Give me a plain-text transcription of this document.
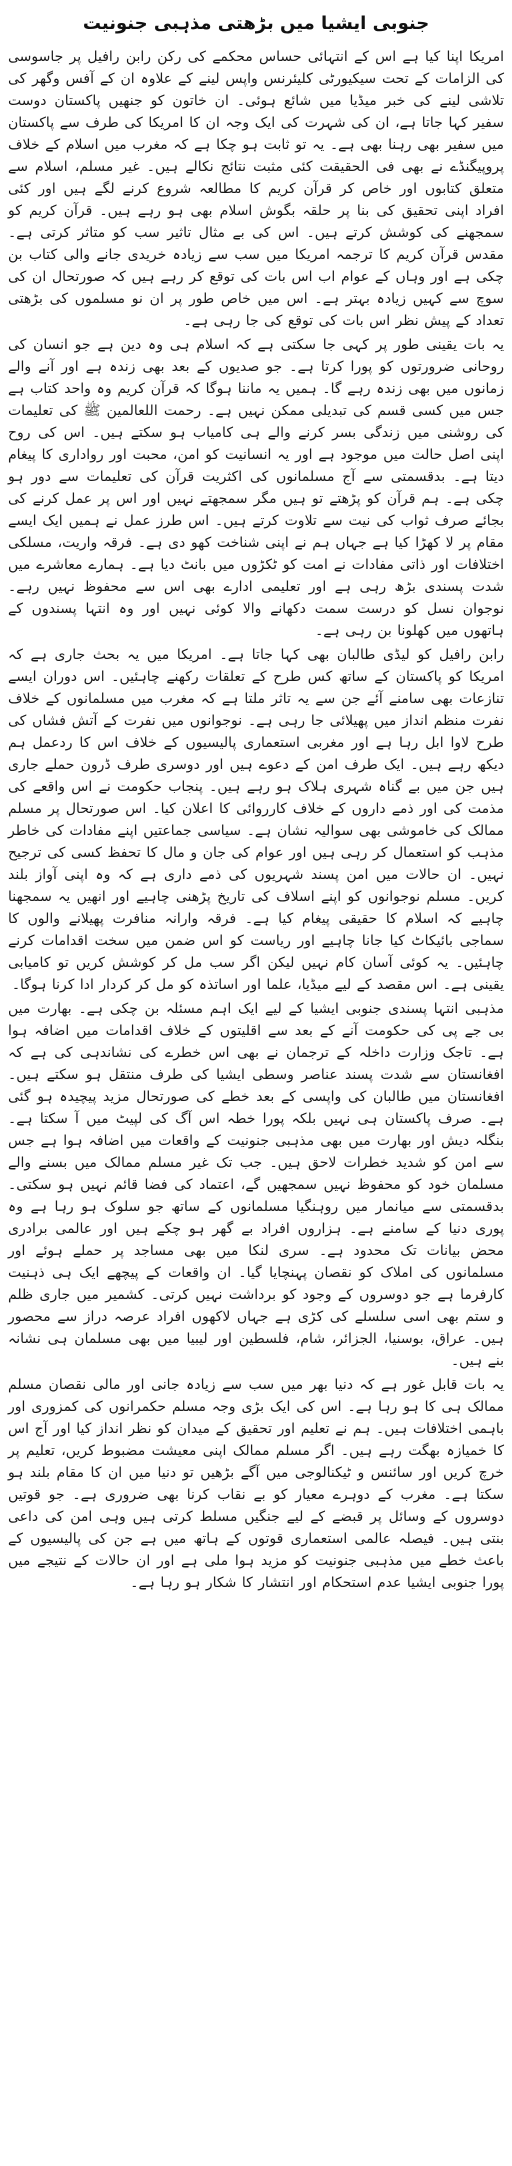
جنوبی ایشیا میں بڑھتی مذہبی جنونیت

امریکا اپنا کیا ہے اس کے انتہائی حساس محکمے کی رکن رابن رافیل پر جاسوسی کی الزامات کے تحت سیکیورٹی کلیئرنس واپس لینے کے علاوہ ان کے آفس وگھر کی تلاشی لینے کی خبر میڈیا میں شائع ہوئی۔ ان خاتون کو جنھیں پاکستان دوست سفیر کہا جاتا ہے، ان کی شہرت کی ایک وجہ ان کا امریکا کی طرف سے پاکستان میں سفیر بھی رہنا بھی ہے۔ یہ تو ثابت ہو چکا ہے کہ مغرب میں اسلام کے خلاف پروپیگنڈے نے بھی فی الحقیقت کئی مثبت نتائج نکالے ہیں۔ غیر مسلم، اسلام سے متعلق کتابوں اور خاص کر قرآن کریم کا مطالعہ شروع کرنے لگے ہیں اور کئی افراد اپنی تحقیق کی بنا پر حلقہ بگوش اسلام بھی ہو رہے ہیں۔ قرآن کریم کو سمجھنے کی کوشش کرتے ہیں۔ اس کی بے مثال تاثیر سب کو متاثر کرتی ہے۔ مقدس قرآن کریم کا ترجمہ امریکا میں سب سے زیادہ خریدی جانے والی کتاب بن چکی ہے اور وہاں کے عوام اب اس بات کی توقع کر رہے ہیں کہ صورتحال ان کی سوچ سے کہیں زیادہ بہتر ہے۔ اس میں خاص طور پر ان نو مسلموں کی بڑھتی تعداد کے پیش نظر اس بات کی توقع کی جا رہی ہے۔

یہ بات یقینی طور پر کہی جا سکتی ہے کہ اسلام ہی وہ دین ہے جو انسان کی روحانی ضرورتوں کو پورا کرتا ہے۔ جو صدیوں کے بعد بھی زندہ ہے اور آنے والے زمانوں میں بھی زندہ رہے گا۔ ہمیں یہ ماننا ہوگا کہ قرآن کریم وہ واحد کتاب ہے جس میں کسی قسم کی تبدیلی ممکن نہیں ہے۔ رحمت اللعالمین ﷺ کی تعلیمات کی روشنی میں زندگی بسر کرنے والے ہی کامیاب ہو سکتے ہیں۔ اس کی روح اپنی اصل حالت میں موجود ہے اور یہ انسانیت کو امن، محبت اور رواداری کا پیغام دیتا ہے۔ بدقسمتی سے آج مسلمانوں کی اکثریت قرآن کی تعلیمات سے دور ہو چکی ہے۔ ہم قرآن کو پڑھتے تو ہیں مگر سمجھتے نہیں اور اس پر عمل کرنے کی بجائے صرف ثواب کی نیت سے تلاوت کرتے ہیں۔ اس طرز عمل نے ہمیں ایک ایسے مقام پر لا کھڑا کیا ہے جہاں ہم نے اپنی شناخت کھو دی ہے۔ فرقہ واریت، مسلکی اختلافات اور ذاتی مفادات نے امت کو ٹکڑوں میں بانٹ دیا ہے۔ ہمارے معاشرے میں شدت پسندی بڑھ رہی ہے اور تعلیمی ادارے بھی اس سے محفوظ نہیں رہے۔ نوجوان نسل کو درست سمت دکھانے والا کوئی نہیں اور وہ انتہا پسندوں کے ہاتھوں میں کھلونا بن رہی ہے۔

رابن رافیل کو لیڈی طالبان بھی کہا جاتا ہے۔ امریکا میں یہ بحث جاری ہے کہ امریکا کو پاکستان کے ساتھ کس طرح کے تعلقات رکھنے چاہئیں۔ اس دوران ایسے تنازعات بھی سامنے آئے جن سے یہ تاثر ملتا ہے کہ مغرب میں مسلمانوں کے خلاف نفرت منظم انداز میں پھیلائی جا رہی ہے۔ نوجوانوں میں نفرت کے آتش فشاں کی طرح لاوا ابل رہا ہے اور مغربی استعماری پالیسیوں کے خلاف اس کا ردعمل ہم دیکھ رہے ہیں۔ ایک طرف امن کے دعوے ہیں اور دوسری طرف ڈرون حملے جاری ہیں جن میں بے گناہ شہری ہلاک ہو رہے ہیں۔ پنجاب حکومت نے اس واقعے کی مذمت کی اور ذمے داروں کے خلاف کارروائی کا اعلان کیا۔ اس صورتحال پر مسلم ممالک کی خاموشی بھی سوالیہ نشان ہے۔ سیاسی جماعتیں اپنے مفادات کی خاطر مذہب کو استعمال کر رہی ہیں اور عوام کی جان و مال کا تحفظ کسی کی ترجیح نہیں۔ ان حالات میں امن پسند شہریوں کی ذمے داری ہے کہ وہ اپنی آواز بلند کریں۔ مسلم نوجوانوں کو اپنے اسلاف کی تاریخ پڑھنی چاہیے اور انھیں یہ سمجھنا چاہیے کہ اسلام کا حقیقی پیغام کیا ہے۔ فرقہ وارانہ منافرت پھیلانے والوں کا سماجی بائیکاٹ کیا جانا چاہیے اور ریاست کو اس ضمن میں سخت اقدامات کرنے چاہئیں۔ یہ کوئی آسان کام نہیں لیکن اگر سب مل کر کوشش کریں تو کامیابی یقینی ہے۔ اس مقصد کے لیے میڈیا، علما اور اساتذہ کو مل کر کردار ادا کرنا ہوگا۔

مذہبی انتہا پسندی جنوبی ایشیا کے لیے ایک اہم مسئلہ بن چکی ہے۔ بھارت میں بی جے پی کی حکومت آنے کے بعد سے اقلیتوں کے خلاف اقدامات میں اضافہ ہوا ہے۔ تاجک وزارت داخلہ کے ترجمان نے بھی اس خطرے کی نشاندہی کی ہے کہ افغانستان سے شدت پسند عناصر وسطی ایشیا کی طرف منتقل ہو سکتے ہیں۔ افغانستان میں طالبان کی واپسی کے بعد خطے کی صورتحال مزید پیچیدہ ہو گئی ہے۔ صرف پاکستان ہی نہیں بلکہ پورا خطہ اس آگ کی لپیٹ میں آ سکتا ہے۔ بنگلہ دیش اور بھارت میں بھی مذہبی جنونیت کے واقعات میں اضافہ ہوا ہے جس سے امن کو شدید خطرات لاحق ہیں۔ جب تک غیر مسلم ممالک میں بسنے والے مسلمان خود کو محفوظ نہیں سمجھیں گے، اعتماد کی فضا قائم نہیں ہو سکتی۔ بدقسمتی سے میانمار میں روہنگیا مسلمانوں کے ساتھ جو سلوک ہو رہا ہے وہ پوری دنیا کے سامنے ہے۔ ہزاروں افراد بے گھر ہو چکے ہیں اور عالمی برادری محض بیانات تک محدود ہے۔ سری لنکا میں بھی مساجد پر حملے ہوئے اور مسلمانوں کی املاک کو نقصان پہنچایا گیا۔ ان واقعات کے پیچھے ایک ہی ذہنیت کارفرما ہے جو دوسروں کے وجود کو برداشت نہیں کرتی۔ کشمیر میں جاری ظلم و ستم بھی اسی سلسلے کی کڑی ہے جہاں لاکھوں افراد عرصہ دراز سے محصور ہیں۔ عراق، بوسنیا، الجزائر، شام، فلسطین اور لیبیا میں بھی مسلمان ہی نشانہ بنے ہیں۔

یہ بات قابل غور ہے کہ دنیا بھر میں سب سے زیادہ جانی اور مالی نقصان مسلم ممالک ہی کا ہو رہا ہے۔ اس کی ایک بڑی وجہ مسلم حکمرانوں کی کمزوری اور باہمی اختلافات ہیں۔ ہم نے تعلیم اور تحقیق کے میدان کو نظر انداز کیا اور آج اس کا خمیازہ بھگت رہے ہیں۔ اگر مسلم ممالک اپنی معیشت مضبوط کریں، تعلیم پر خرچ کریں اور سائنس و ٹیکنالوجی میں آگے بڑھیں تو دنیا میں ان کا مقام بلند ہو سکتا ہے۔ مغرب کے دوہرے معیار کو بے نقاب کرنا بھی ضروری ہے۔ جو قوتیں دوسروں کے وسائل پر قبضے کے لیے جنگیں مسلط کرتی ہیں وہی امن کی داعی بنتی ہیں۔ فیصلہ عالمی استعماری قوتوں کے ہاتھ میں ہے جن کی پالیسیوں کے باعث خطے میں مذہبی جنونیت کو مزید ہوا ملی ہے اور ان حالات کے نتیجے میں پورا جنوبی ایشیا عدم استحکام اور انتشار کا شکار ہو رہا ہے۔
